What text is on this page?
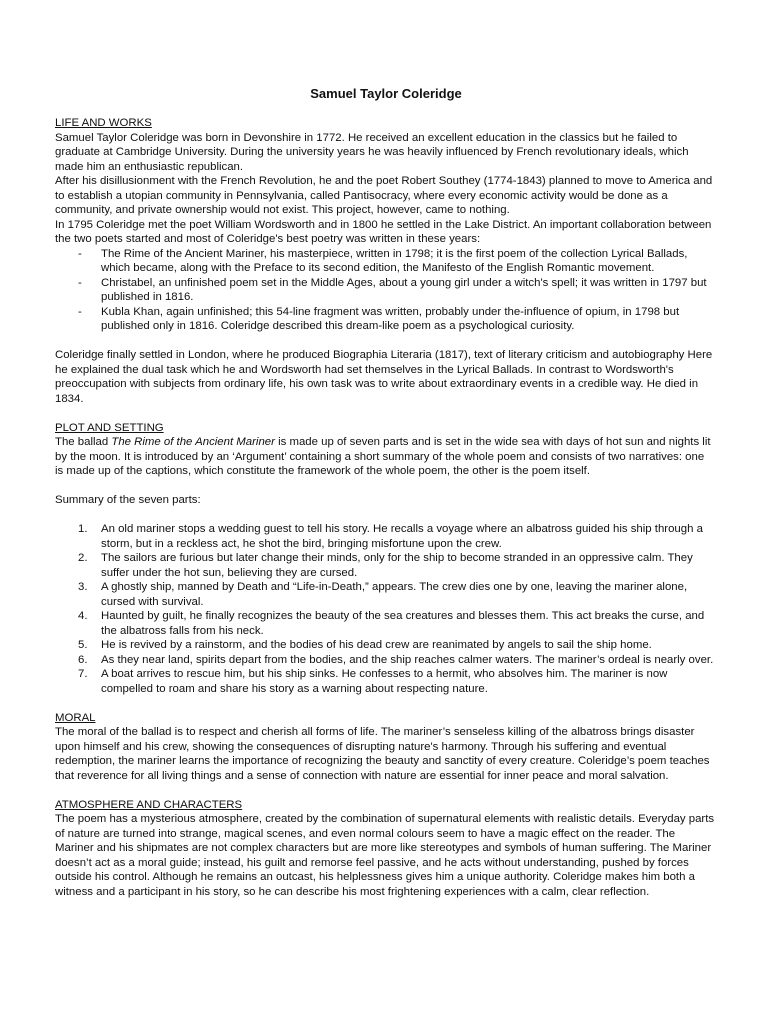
Samuel Taylor Coleridge
LIFE AND WORKS

Samuel Taylor Coleridge was born in Devonshire in 1772. He received an excellent education in the classics but he failed to graduate at Cambridge University. During the university years he was heavily influenced by French revolutionary ideals, which made him an enthusiastic republican.

After his disillusionment with the French Revolution, he and the poet Robert Southey (1774-1843) planned to move to America and to establish a utopian community in Pennsylvania, called Pantisocracy, where every economic activity would be done as a community, and private ownership would not exist. This project, however, came to nothing.

In 1795 Coleridge met the poet William Wordsworth and in 1800 he settled in the Lake District. An important collaboration between the two poets started and most of Coleridge's best poetry was written in these years:

- The Rime of the Ancient Mariner, his masterpiece, written in 1798; it is the first poem of the collection Lyrical Ballads, which became, along with the Preface to its second edition, the Manifesto of the English Romantic movement.
- Christabel, an unfinished poem set in the Middle Ages, about a young girl under a witch's spell; it was written in 1797 but published in 1816.
- Kubla Khan, again unfinished; this 54-line fragment was written, probably under the-influence of opium, in 1798 but published only in 1816. Coleridge described this dream-like poem as a psychological curiosity.

Coleridge finally settled in London, where he produced Biographia Literaria (1817), text of literary criticism and autobiography Here he explained the dual task which he and Wordsworth had set themselves in the Lyrical Ballads. In contrast to Wordsworth's preoccupation with subjects from ordinary life, his own task was to write about extraordinary events in a credible way. He died in 1834.

PLOT AND SETTING

The ballad The Rime of the Ancient Mariner is made up of seven parts and is set in the wide sea with days of hot sun and nights lit by the moon. It is introduced by an ‘Argument’ containing a short summary of the whole poem and consists of two narratives: one is made up of the captions, which constitute the framework of the whole poem, the other is the poem itself.

Summary of the seven parts:

1. An old mariner stops a wedding guest to tell his story. He recalls a voyage where an albatross guided his ship through a storm, but in a reckless act, he shot the bird, bringing misfortune upon the crew.
2. The sailors are furious but later change their minds, only for the ship to become stranded in an oppressive calm. They suffer under the hot sun, believing they are cursed.
3. A ghostly ship, manned by Death and “Life-in-Death,” appears. The crew dies one by one, leaving the mariner alone, cursed with survival.
4. Haunted by guilt, he finally recognizes the beauty of the sea creatures and blesses them. This act breaks the curse, and the albatross falls from his neck.
5. He is revived by a rainstorm, and the bodies of his dead crew are reanimated by angels to sail the ship home.
6. As they near land, spirits depart from the bodies, and the ship reaches calmer waters. The mariner’s ordeal is nearly over.
7. A boat arrives to rescue him, but his ship sinks. He confesses to a hermit, who absolves him. The mariner is now compelled to roam and share his story as a warning about respecting nature.
MORAL

The moral of the ballad is to respect and cherish all forms of life. The mariner’s senseless killing of the albatross brings disaster upon himself and his crew, showing the consequences of disrupting nature's harmony. Through his suffering and eventual redemption, the mariner learns the importance of recognizing the beauty and sanctity of every creature. Coleridge’s poem teaches that reverence for all living things and a sense of connection with nature are essential for inner peace and moral salvation.

ATMOSPHERE AND CHARACTERS

The poem has a mysterious atmosphere, created by the combination of supernatural elements with realistic details. Everyday parts of nature are turned into strange, magical scenes, and even normal colours seem to have a magic effect on the reader. The Mariner and his shipmates are not complex characters but are more like stereotypes and symbols of human suffering. The Mariner doesn’t act as a moral guide; instead, his guilt and remorse feel passive, and he acts without understanding, pushed by forces outside his control. Although he remains an outcast, his helplessness gives him a unique authority. Coleridge makes him both a witness and a participant in his story, so he can describe his most frightening experiences with a calm, clear reflection.
